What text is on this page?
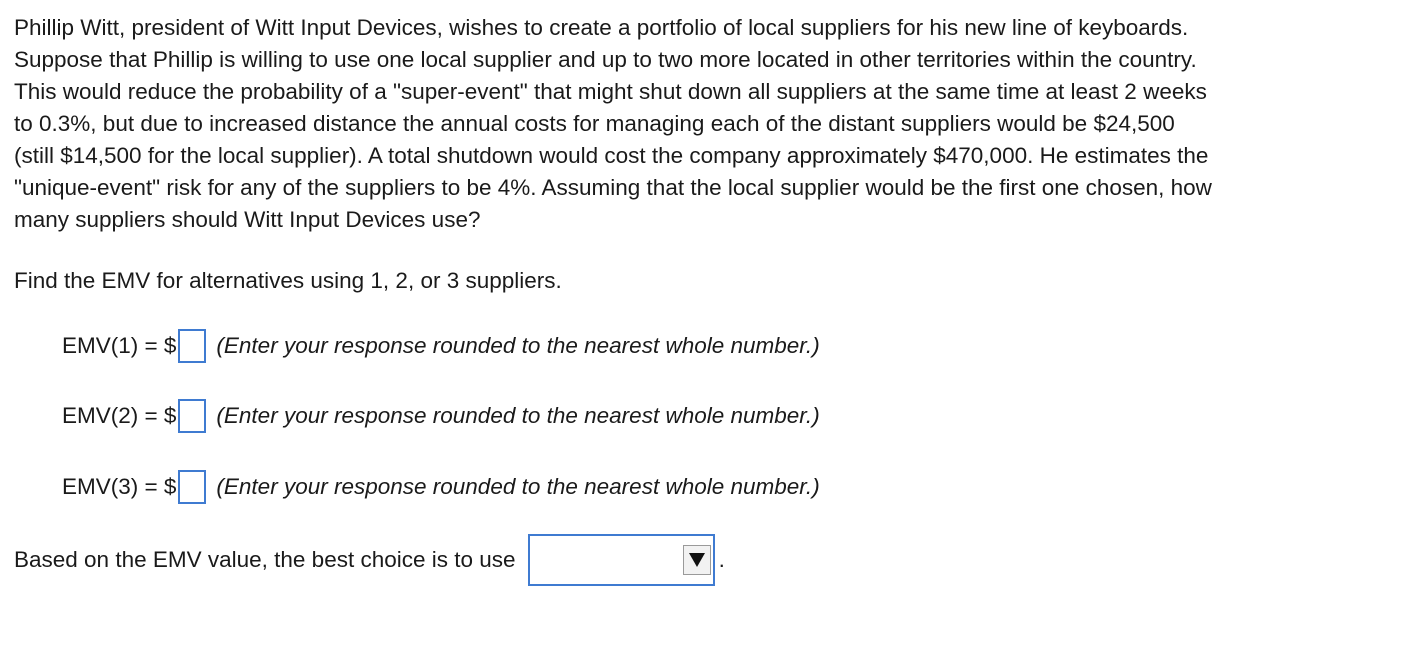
Phillip Witt, president of Witt Input Devices, wishes to create a portfolio of local suppliers for his new line of keyboards.
Suppose that Phillip is willing to use one local supplier and up to two more located in other territories within the country.
This would reduce the probability of a "super-event" that might shut down all suppliers at the same time at least 2 weeks
to 0.3%, but due to increased distance the annual costs for managing each of the distant suppliers would be $24,500
(still $14,500 for the local supplier). A total shutdown would cost the company approximately $470,000. He estimates the
"unique-event" risk for any of the suppliers to be 4%. Assuming that the local supplier would be the first one chosen, how
many suppliers should Witt Input Devices use?
Find the EMV for alternatives using 1, 2, or 3 suppliers.
EMV(1) = $ (Enter your response rounded to the nearest whole number.)
EMV(2) = $ (Enter your response rounded to the nearest whole number.)
EMV(3) = $ (Enter your response rounded to the nearest whole number.)
Based on the EMV value, the best choice is to use	.
